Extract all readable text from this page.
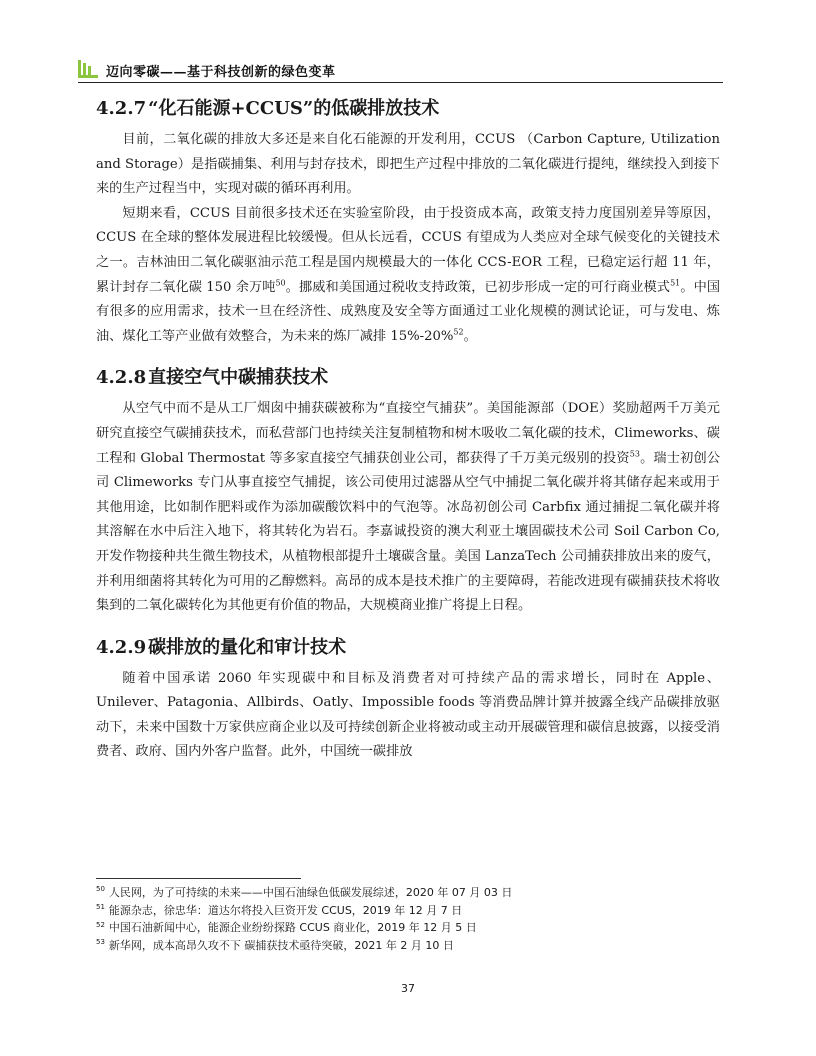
迈向零碳——基于科技创新的绿色变革
4.2.7 “化石能源+CCUS”的低碳排放技术

目前，二氧化碳的排放大多还是来自化石能源的开发利用，CCUS （Carbon Capture, Utilization and Storage）是指碳捕集、利用与封存技术，即把生产过程中排放的二氧化碳进行提纯，继续投入到接下来的生产过程当中，实现对碳的循环再利用。

短期来看，CCUS 目前很多技术还在实验室阶段，由于投资成本高，政策支持力度国别差异等原因，CCUS 在全球的整体发展进程比较缓慢。但从长远看，CCUS 有望成为人类应对全球气候变化的关键技术之一。吉林油田二氧化碳驱油示范工程是国内规模最大的一体化 CCS-EOR 工程，已稳定运行超 11 年，累计封存二氧化碳 150 余万吨$^{50}$。挪威和美国通过税收支持政策，已初步形成一定的可行商业模式$^{51}$。中国有很多的应用需求，技术一旦在经济性、成熟度及安全等方面通过工业化规模的测试论证，可与发电、炼油、煤化工等产业做有效整合，为未来的炼厂减排 15%-20%$^{52}$。

4.2.8 直接空气中碳捕获技术

从空气中而不是从工厂烟囱中捕获碳被称为“直接空气捕获”。美国能源部（DOE）奖励超两千万美元研究直接空气碳捕获技术，而私营部门也持续关注复制植物和树木吸收二氧化碳的技术，Climeworks、碳工程和 Global Thermostat 等多家直接空气捕获创业公司，都获得了千万美元级别的投资$^{53}$。瑞士初创公司 Climeworks 专门从事直接空气捕捉，该公司使用过滤器从空气中捕捉二氧化碳并将其储存起来或用于其他用途，比如制作肥料或作为添加碳酸饮料中的气泡等。冰岛初创公司 Carbfix 通过捕捉二氧化碳并将其溶解在水中后注入地下，将其转化为岩石。李嘉诚投资的澳大利亚土壤固碳技术公司 Soil Carbon Co, 开发作物接种共生微生物技术，从植物根部提升土壤碳含量。美国 LanzaTech 公司捕获排放出来的废气，并利用细菌将其转化为可用的乙醇燃料。高昂的成本是技术推广的主要障碍，若能改进现有碳捕获技术将收集到的二氧化碳转化为其他更有价值的物品，大规模商业推广将提上日程。

4.2.9 碳排放的量化和审计技术

随着中国承诺 2060 年实现碳中和目标及消费者对可持续产品的需求增长，同时在 Apple、Unilever、Patagonia、Allbirds、Oatly、Impossible foods 等消费品牌计算并披露全线产品碳排放驱动下，未来中国数十万家供应商企业以及可持续创新企业将被动或主动开展碳管理和碳信息披露，以接受消费者、政府、国内外客户监督。此外，中国统一碳排放

$^{50}$ 人民网，为了可持续的未来——中国石油绿色低碳发展综述，2020 年 07 月 03 日
$^{51}$ 能源杂志，徐忠华：道达尔将投入巨资开发 CCUS，2019 年 12 月 7 日
$^{52}$ 中国石油新闻中心，能源企业纷纷探路 CCUS 商业化，2019 年 12 月 5 日
$^{53}$ 新华网，成本高昂久攻不下 碳捕获技术亟待突破，2021 年 2 月 10 日
37
